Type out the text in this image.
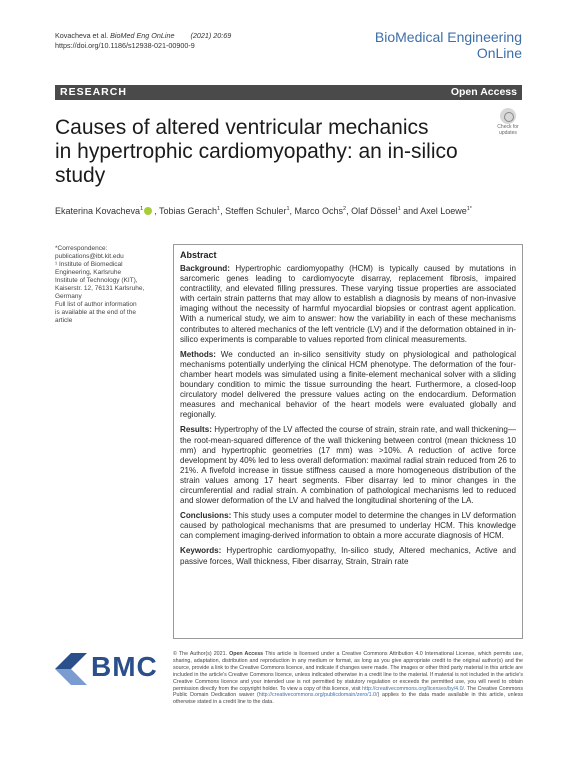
Kovacheva et al. BioMed Eng OnLine (2021) 20:69
https://doi.org/10.1186/s12938-021-00900-9
BioMedical Engineering
OnLine
RESEARCH	Open Access
Causes of altered ventricular mechanics
in hypertrophic cardiomyopathy: an in-silico
study
Check for
updates
Ekaterina Kovacheva$^1$ , Tobias Gerach$^1$, Steffen Schuler$^1$, Marco Ochs$^2$, Olaf Dössel$^1$ and Axel Loewe$^{1*}$
*Correspondence:
publications@ibt.kit.edu
¹ Institute of Biomedical
Engineering, Karlsruhe
Institute of Technology (KIT),
Kaiserstr. 12, 76131 Karlsruhe,
Germany
Full list of author information
is available at the end of the
article
Abstract

Background: Hypertrophic cardiomyopathy (HCM) is typically caused by mutations in sarcomeric genes leading to cardiomyocyte disarray, replacement fibrosis, impaired contractility, and elevated filling pressures. These varying tissue properties are associated with certain strain patterns that may allow to establish a diagnosis by means of non-invasive imaging without the necessity of harmful myocardial biopsies or contrast agent application. With a numerical study, we aim to answer: how the variability in each of these mechanisms contributes to altered mechanics of the left ventricle (LV) and if the deformation obtained in in-silico experiments is comparable to values reported from clinical measurements.

Methods: We conducted an in-silico sensitivity study on physiological and pathological mechanisms potentially underlying the clinical HCM phenotype. The deformation of the four-chamber heart models was simulated using a finite-element mechanical solver with a sliding boundary condition to mimic the tissue surrounding the heart. Furthermore, a closed-loop circulatory model delivered the pressure values acting on the endocardium. Deformation measures and mechanical behavior of the heart models were evaluated globally and regionally.

Results: Hypertrophy of the LV affected the course of strain, strain rate, and wall thickening—the root-mean-squared difference of the wall thickening between control (mean thickness 10 mm) and hypertrophic geometries (17 mm) was >10%. A reduction of active force development by 40% led to less overall deformation: maximal radial strain reduced from 26 to 21%. A fivefold increase in tissue stiffness caused a more homogeneous distribution of the strain values among 17 heart segments. Fiber disarray led to minor changes in the circumferential and radial strain. A combination of pathological mechanisms led to reduced and slower deformation of the LV and halved the longitudinal shortening of the LA.

Conclusions: This study uses a computer model to determine the changes in LV deformation caused by pathological mechanisms that are presumed to underlay HCM. This knowledge can complement imaging-derived information to obtain a more accurate diagnosis of HCM.

Keywords: Hypertrophic cardiomyopathy, In-silico study, Altered mechanics, Active and passive forces, Wall thickness, Fiber disarray, Strain, Strain rate

BMC	© The Author(s) 2021. Open Access This article is licensed under a Creative Commons Attribution 4.0 International License, which permits use, sharing, adaptation, distribution and reproduction in any medium or format, as long as you give appropriate credit to the original author(s) and the source, provide a link to the Creative Commons licence, and indicate if changes were made. The images or other third party material in this article are included in the article's Creative Commons licence, unless indicated otherwise in a credit line to the material. If material is not included in the article's Creative Commons licence and your intended use is not permitted by statutory regulation or exceeds the permitted use, you will need to obtain permission directly from the copyright holder. To view a copy of this licence, visit http://creativecommons.org/licenses/by/4.0/. The Creative Commons Public Domain Dedication waiver (http://creativecommons.org/publicdomain/zero/1.0/) applies to the data made available in this article, unless otherwise stated in a credit line to the data.
